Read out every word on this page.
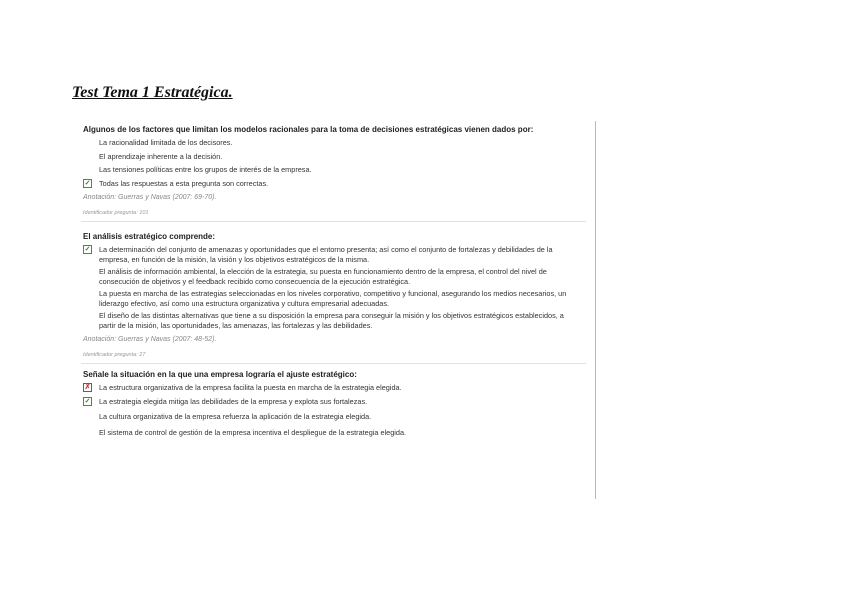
Test Tema 1 Estratégica.
Algunos de los factores que limitan los modelos racionales para la toma de decisiones estratégicas vienen dados por:
La racionalidad limitada de los decisores.
El aprendizaje inherente a la decisión.
Las tensiones políticas entre los grupos de interés de la empresa.
✓ Todas las respuestas a esta pregunta son correctas.
Anotación: Guerras y Navas (2007: 69-70).
Identificador pregunta: 101
El análisis estratégico comprende:
✓ La determinación del conjunto de amenazas y oportunidades que el entorno presenta; así como el conjunto de fortalezas y debilidades de la empresa, en función de la misión, la visión y los objetivos estratégicos de la misma.
El análisis de información ambiental, la elección de la estrategia, su puesta en funcionamiento dentro de la empresa, el control del nivel de consecución de objetivos y el feedback recibido como consecuencia de la ejecución estratégica.
La puesta en marcha de las estrategias seleccionadas en los niveles corporativo, competitivo y funcional, asegurando los medios necesarios, un liderazgo efectivo, así como una estructura organizativa y cultura empresarial adecuadas.
El diseño de las distintas alternativas que tiene a su disposición la empresa para conseguir la misión y los objetivos estratégicos establecidos, a partir de la misión, las oportunidades, las amenazas, las fortalezas y las debilidades.
Anotación: Guerras y Navas (2007: 48-52).
Identificador pregunta: 27
Señale la situación en la que una empresa lograría el ajuste estratégico:
✗ La estructura organizativa de la empresa facilita la puesta en marcha de la estrategia elegida.
✓ La estrategia elegida mitiga las debilidades de la empresa y explota sus fortalezas.
La cultura organizativa de la empresa refuerza la aplicación de la estrategia elegida.
El sistema de control de gestión de la empresa incentiva el despliegue de la estrategia elegida.
